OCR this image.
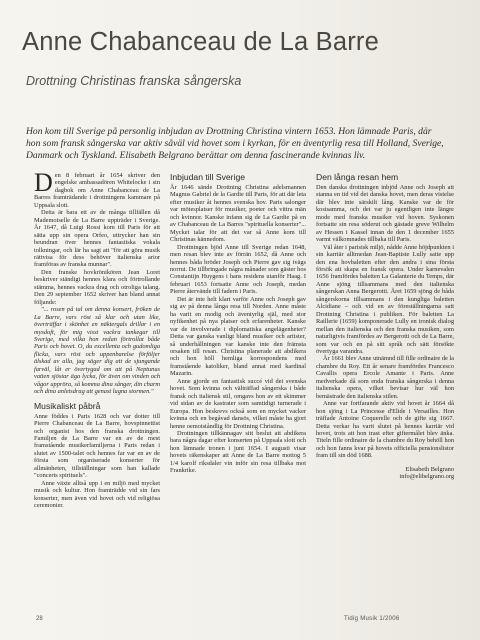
Anne Chabanceau de La Barre
Drottning Christinas franska sångerska

Hon kom till Sverige på personlig inbjudan av Drottning Christina vintern 1653. Hon lämnade Paris, där hon som fransk sångerska var aktiv såväl vid hovet som i kyrkan, för en äventyrlig resa till Holland, Sverige, Danmark och Tyskland. Elisabeth Belgrano berättar om denna fascinerande kvinnas liv.

Den 8 februari år 1654 skriver den engelske ambassadören Whitelocke i sin dagbok om Anne Chabanceau de La Barres framträdande i drottningens kammare på Uppsala slott.

Detta är bara ett av de många tillfällen då Mademoiselle de La Barre uppträder i Sverige. År 1647, då Luigi Rossi kom till Paris för att sätta upp sin opera Orfeo, uttrycker han sin beundran över hennes fantastiska vokala tolkningar, och lär ha sagt att "för att göra musik rättvisa för dess behöver italienska arior framföras av franska munnar".

Den franske hovkrönikören Jean Loret beskriver ständigt hennes klara och förtrollande stämma, hennes vackra drag och otroliga talang. Den 29 september 1652 skriver han bland annat följande:

"... rosen på tal om denna konsert, fröken de La Barre, vars röst så klar och utan like, överträffar i skönhet en näktergals drillar i en mysdoft, för mig visst vackra tankegar till Sverige, med vilka hon redan förtrollat både Paris och hovet. O, du excellenta och gudomliga flicka, vars röst och uppenbarelse förföljer älskad av alla, jag säger dig att de sjungande farväl, låt er övertygad om att på Neptunus vatten sjöstar äga lycka, för även om vinden och vågor uppröra, så komma dina sånger, din charm och dina anletsdrag att genast lugna stormen."

Musikaliskt påbrå

Anne föddes i Paris 1628 och var dotter till Pierre Chabanceau de La Barre, hovspinnettist och organist hos den franska drottningen. Familjen de La Barre var en av de mest framstående musikerfamiljerna i Paris redan i slutet av 1500-talet och hennes far var en av de första som organiserade konserter för allmänheten, tillställningar som han kallade "concerts spirituels".

Anne växte alltså upp i en miljö med mycket musik och kultur. Hon framträdde vid sin fars konserter, men även vid hovet och vid religiösa ceremonier.

Inbjudan till Sverige

År 1646 sände Drottning Christina adelsmannen Magnus Gabriel de la Gardie till Paris, för att där leta efter musiker åt hennes svenska hov. Paris salonger var mötesplatser för musiker, poeter och vittra män och kvinnor. Kanske infann sig de La Gardie på en av Chabanceau de La Barres "spirituella konserter"... Mycket talar för att det var så Anne kom till Christinas kännedom.

Drottningen bjöd Anne till Sverige redan 1648, men resan blev inte av förrän 1652, då Anne och hennes båda bröder Joseph och Pierre gav sig ivägs norrut. De tillbringade några månader som gäster hos Constantijn Huygens i hans residens utanför Haag. I februari 1653 fortsatte Anne och Joseph, medan Pierre återvände till fadern i Paris.

Det är inte helt klart varför Anne och Joseph gav sig av på denna långa resa till Norden. Anne måste ha varit en modig och äventyrlig själ, med stor nyfikenhet på nya platser och erfarenheter. Kanske var de involverade i diplomatiska angelägenheter? Detta var ganska vanligt bland musiker och artister, så underhållningen var kanske inte den främsta orsaken till resan. Christina planerade att abdikera och hon höll hemliga korrespondens med framstående katoliker, bland annat med kardinal Mazarin.

Anne gjorde en fantastisk succé vid det svenska hovet. Som kvinna och välträffad sångerska i både fransk och italiensk stil, omgavs hon av ett skimmer vid sidan av de kastrater som samtidigt turnerade i Europa. Hon beskrevs också som en mycket vacker kvinna och en begåvad dansös, vilket måste ha gjort henne oemotståndlig för Drottning Christina.

Drottningen tillkännagav sitt beslut att abdikera bara några dagar efter konserten på Uppsala slott och hon lämnade tronen i juni 1654. I augusti visar hovets räkenskaper att Anne de La Barre mottog 5 1/4 karolf riksdaler vin inför sin resa tillbaka mot Frankrike.

Den långa resan hem

Den danska drottningen inbjöd Anne och Joseph att stanna en tid vid det danska hovet, men deras vistelse där blev inte särskilt lång. Kanske var de för kostsamma, och det var ju egentligen inte längre mode med franska musiker vid hoven. Syskonen fortsatte sin resa söderut och gästade greve Wilhelm av Hessen i Kassel innan de den 1 december 1655 varmt välkomnades tillbaka till Paris.

Väl åter i parisisk miljö, nådde Anne höjdpunkten i sin karriär alltmedan Jean-Baptiste Lully satte upp den ena hovbaletten efter den andra i sina första försök att skapa en fransk opera. Under karnevalen 1656 framfördes baletten La Galanterie du Temps, där Anne sjöng tillsammans med den italienska sångerskan Anna Bergerotti. Året 1659 sjöng de båda sångerskorna tillsammans i den kungliga baletten Alcidiane – och vid en av föreställningarna satt Drottning Christina i publiken. För baletten La Raillerie (1659) komponerade Lully en ironisk dialog mellan den italienska och den franska musiken, som naturligtvis framfördes av Bergerotti och de La Barre, som var och en på sitt språk och sätt försökte övertyga varandra.

År 1661 blev Anne utnämnd till fille ordinaire de la chambre du Roy. Ett år senare framfördes Francesco Cavallis opera Ercole Amante i Paris. Anne medverkade då som enda franska sångerska i denna italienska opera, vilket bevisar hur väl hon bemästrade den italienska stilen.

Anne var fortfarande aktiv vid hovet år 1664 då hon sjöng i La Princesse d'Elide i Versailles. Hon träffade Antoine Coquerelle och de gifte sig 1667. Detta verkar ha varit slutet på hennes karriär vid hovet, trots att hon trast efter giftermålet blev änka. Titeln fille ordinaire de la chambre du Roy behöll hon och hon fanns kvar på hovets officiella pensionslistor fram till sin död 1688.

Elisabeth Belgrano

info@elibelgrano.org

28	Tidig Musik 1/2006
